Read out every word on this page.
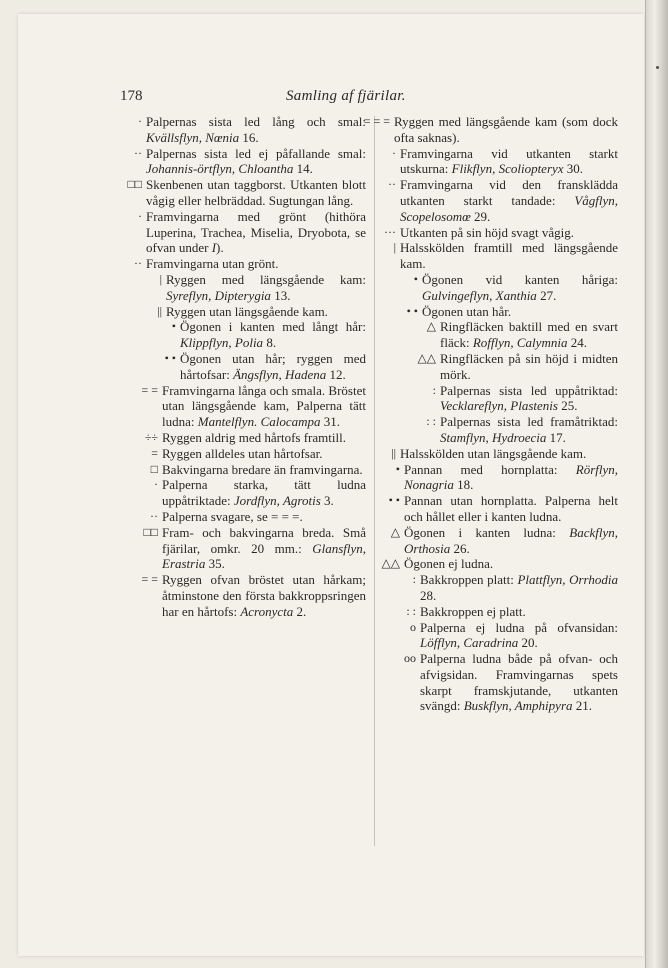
178	Samling af fjärilar.
· Palpernas sista led lång och smal: Kvällsflyn, Nœnia 16.
·· Palpernas sista led ej påfallande smal: Johannis-örtflyn, Chloantha 14.
□□ Skenbenen utan taggborst. Utkanten blott vågig eller helbräddad. Sugtungan lång.
· Framvingarna med grönt (hithöra Luperina, Trachea, Miselia, Dryobota, se ofvan under I).
·· Framvingarna utan grönt.
| Ryggen med längsgående kam: Syreflyn, Dipterygia 13.
|| Ryggen utan längsgående kam.
• Ögonen i kanten med långt hår: Klippflyn, Polia 8.
• • Ögonen utan hår; ryggen med hårtofsar: Ängsflyn, Hadena 12.
= = Framvingarna långa och smala. Bröstet utan längsgående kam, Palperna tätt ludna: Mantelflyn. Calocampa 31.
÷÷ Ryggen aldrig med hårtofs framtill.
= Ryggen alldeles utan hårtofsar.
□ Bakvingarna bredare än framvingarna.
· Palperna starka, tätt ludna uppåtriktade: Jordflyn, Agrotis 3.
·· Palperna svagare, se = = =.
□□ Fram- och bakvingarna breda. Små fjärilar, omkr. 20 mm.: Glansflyn, Erastria 35.
= = Ryggen ofvan bröstet utan hårkam; åtminstone den första bakkroppsringen har en hårtofs: Acronycta 2.
= = = Ryggen med längsgående kam (som dock ofta saknas).
· Framvingarna vid utkanten starkt utskurna: Flikflyn, Scoliopteryx 30.
·· Framvingarna vid den fransklädda utkanten starkt tandade: Vågflyn, Scopelosomœ 29.
··· Utkanten på sin höjd svagt vågig.
| Halsskölden framtill med längsgående kam.
• Ögonen vid kanten håriga: Gulvingeflyn, Xanthia 27.
• • Ögonen utan hår.
△ Ringfläcken baktill med en svart fläck: Rofflyn, Calymnia 24.
△△ Ringfläcken på sin höjd i midten mörk.
: Palpernas sista led uppåtriktad: Vecklareflyn, Plastenis 25.
: : Palpernas sista led framåtriktad: Stamflyn, Hydroecia 17.
|| Halsskölden utan längsgående kam.
• Pannan med hornplatta: Rörflyn, Nonagria 18.
• • Pannan utan hornplatta. Palperna helt och hållet eller i kanten ludna.
△ Ögonen i kanten ludna: Backflyn, Orthosia 26.
△△ Ögonen ej ludna.
: Bakkroppen platt: Plattflyn, Orrhodia 28.
: : Bakkroppen ej platt.
o Palperna ej ludna på ofvansidan: Löfflyn, Caradrina 20.
oo Palperna ludna både på ofvan- och afvigsidan. Framvingarnas spets skarpt framskjutande, utkanten svängd: Buskflyn, Amphipyra 21.
